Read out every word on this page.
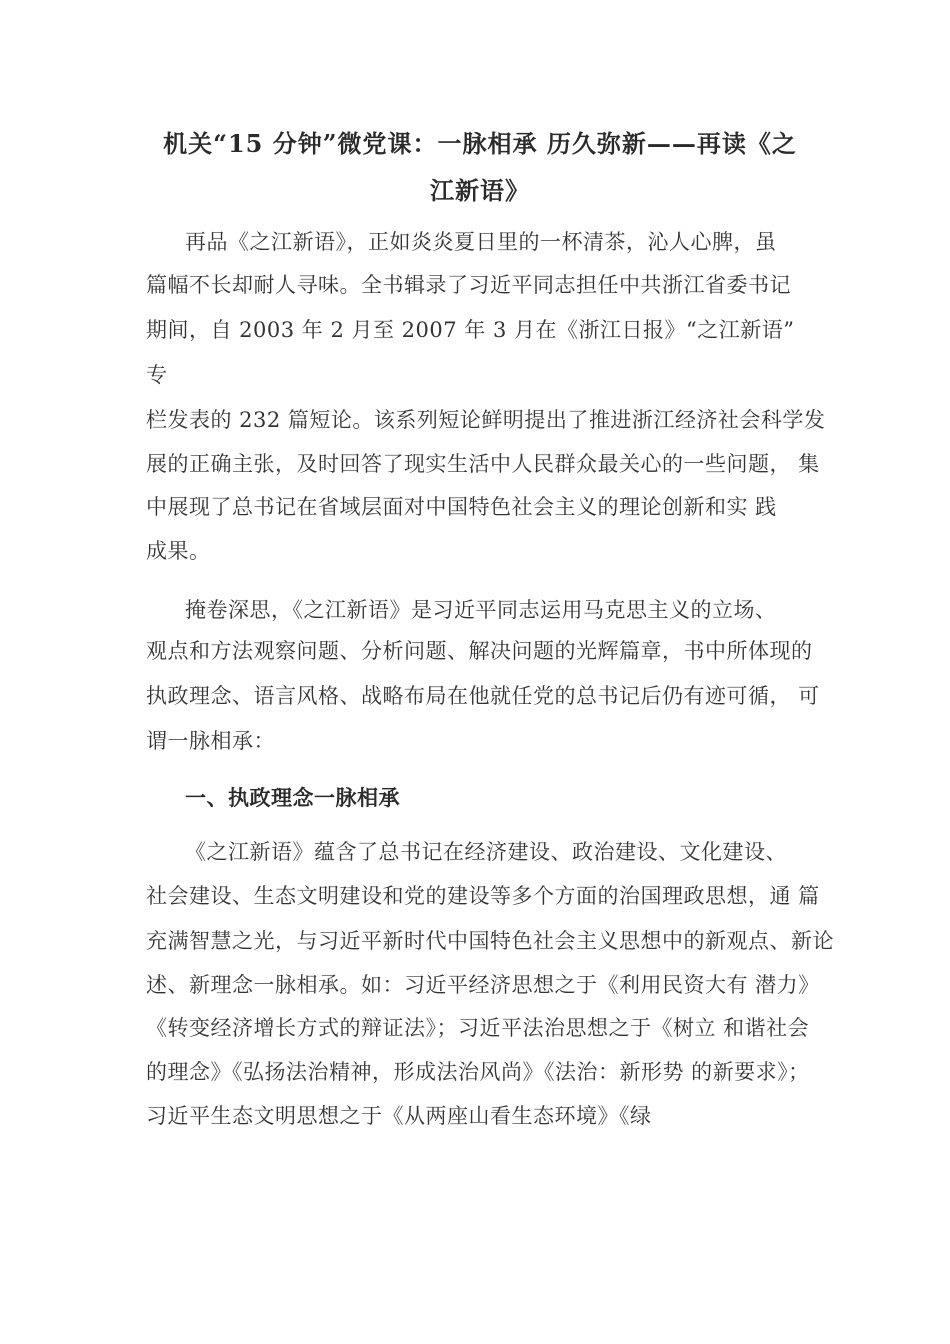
机关“15 分钟”微党课：一脉相承 历久弥新——再读《之
江新语》
再品《之江新语》，正如炎炎夏日里的一杯清茶，沁人心脾，虽
篇幅不长却耐人寻味。全书辑录了习近平同志担任中共浙江省委书记
期间，自 2003 年 2 月至 2007 年 3 月在《浙江日报》“之江新语”
专
栏发表的 232 篇短论。该系列短论鲜明提出了推进浙江经济社会科学发
展的正确主张，及时回答了现实生活中人民群众最关心的一些问题， 集
中展现了总书记在省域层面对中国特色社会主义的理论创新和实 践
成果。
掩卷深思，《之江新语》是习近平同志运用马克思主义的立场、
观点和方法观察问题、分析问题、解决问题的光辉篇章，书中所体现的
执政理念、语言风格、战略布局在他就任党的总书记后仍有迹可循， 可
谓一脉相承：
一、执政理念一脉相承
《之江新语》蕴含了总书记在经济建设、政治建设、文化建设、
社会建设、生态文明建设和党的建设等多个方面的治国理政思想，通 篇
充满智慧之光，与习近平新时代中国特色社会主义思想中的新观点、新论
述、新理念一脉相承。如：习近平经济思想之于《利用民资大有 潜力》
《转变经济增长方式的辩证法》；习近平法治思想之于《树立 和谐社会
的理念》《弘扬法治精神，形成法治风尚》《法治：新形势 的新要求》；
习近平生态文明思想之于《从两座山看生态环境》《绿
